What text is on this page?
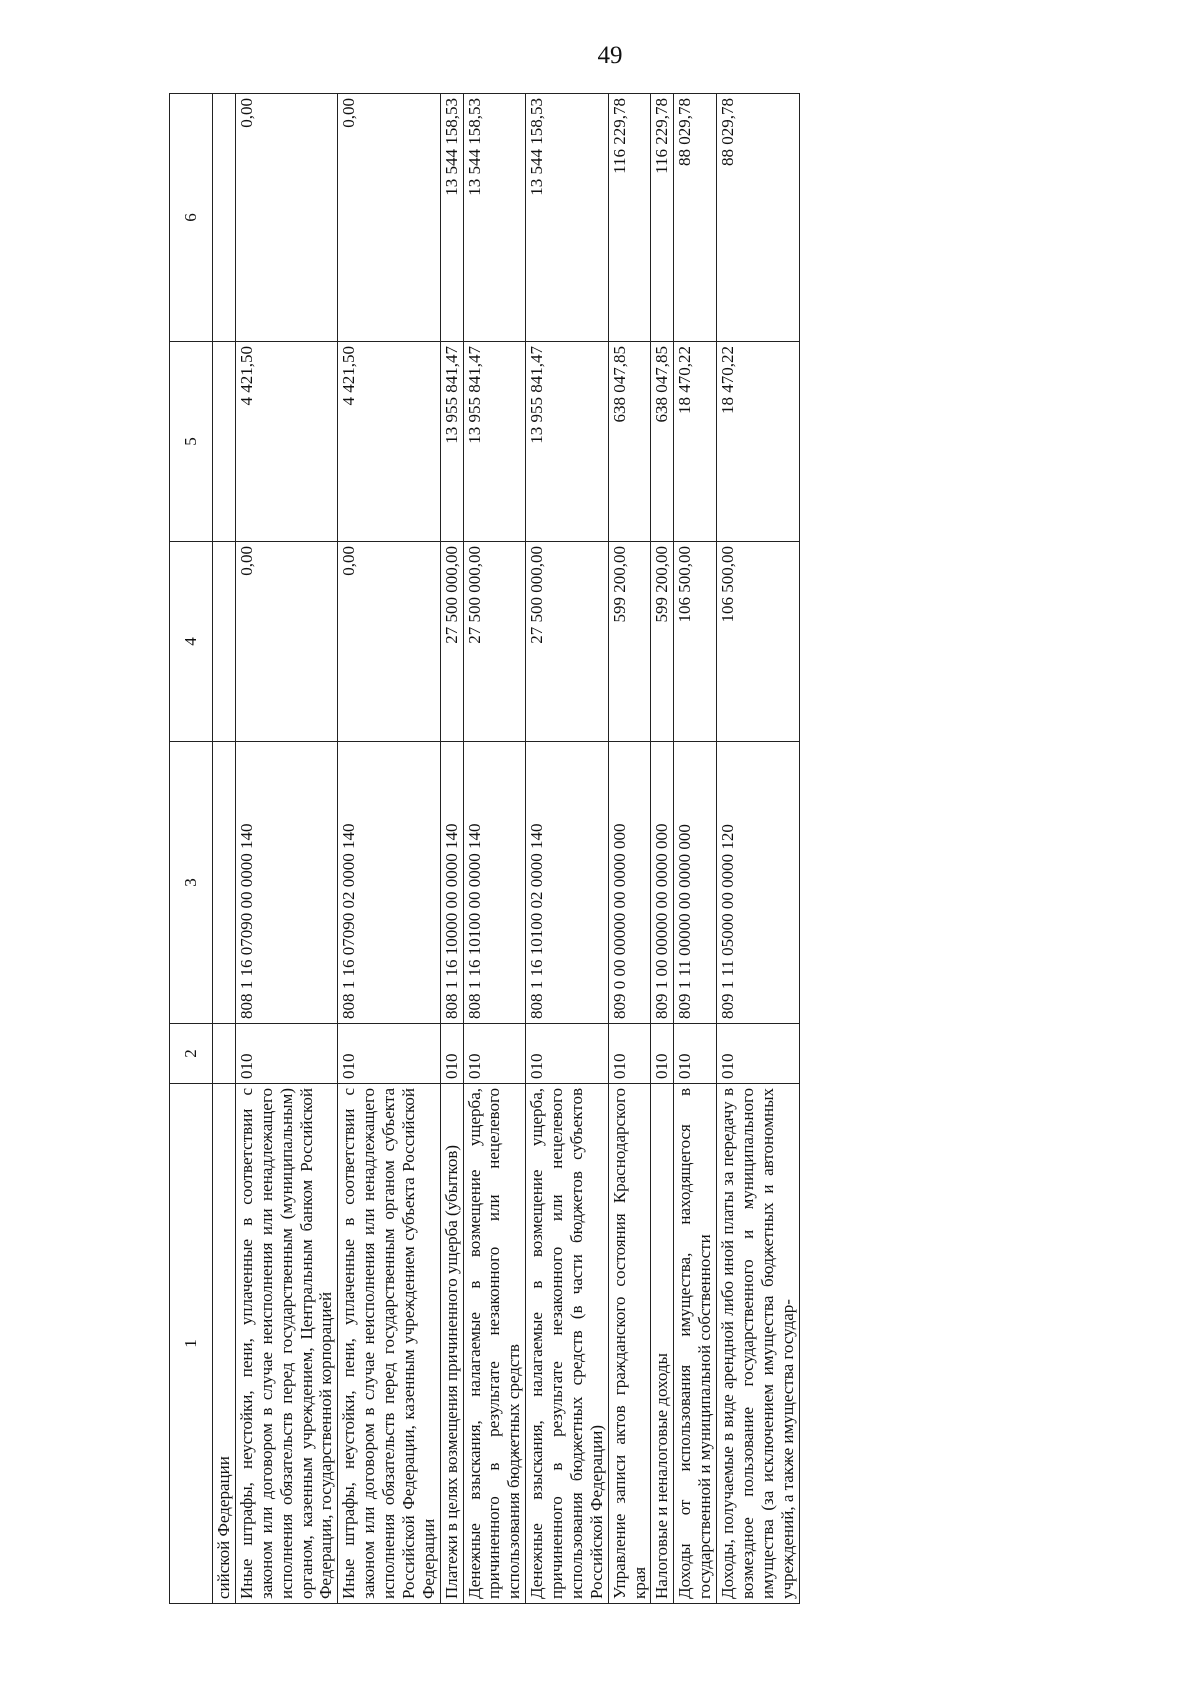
49
1	2	3	4	5	6
сийской Федерации					
Иные штрафы, неустойки, пени, уплаченные в соответствии с законом или договором в случае неисполнения или ненадлежащего исполнения обязательств перед государственным (муниципальным) органом, казенным учреждением, Центральным банком Российской Федерации, государственной корпорацией	010	808 1 16 07090 00 0000 140	0,00	4 421,50	0,00
Иные штрафы, неустойки, пени, уплаченные в соответствии с законом или договором в случае неисполнения или ненадлежащего исполнения обязательств перед государственным органом субъекта Российской Федерации, казенным учреждением субъекта Российской Федерации	010	808 1 16 07090 02 0000 140	0,00	4 421,50	0,00
Платежи в целях возмещения причиненного ущерба (убытков)	010	808 1 16 10000 00 0000 140	27 500 000,00	13 955 841,47	13 544 158,53
Денежные взыскания, налагаемые в возмещение ущерба, причиненного в результате незаконного или нецелевого использования бюджетных средств	010	808 1 16 10100 00 0000 140	27 500 000,00	13 955 841,47	13 544 158,53
Денежные взыскания, налагаемые в возмещение ущерба, причиненного в результате незаконного или нецелевого использования бюджетных средств (в части бюджетов субъектов Российской Федерации)	010	808 1 16 10100 02 0000 140	27 500 000,00	13 955 841,47	13 544 158,53
Управление записи актов гражданского состояния Краснодарского края	010	809 0 00 00000 00 0000 000	599 200,00	638 047,85	116 229,78
Налоговые и неналоговые доходы	010	809 1 00 00000 00 0000 000	599 200,00	638 047,85	116 229,78
Доходы от использования имущества, находящегося в государственной и муниципальной собственности	010	809 1 11 00000 00 0000 000	106 500,00	18 470,22	88 029,78
Доходы, получаемые в виде арендной либо иной платы за передачу в возмездное пользование государственного и муниципального имущества (за исключением имущества бюджетных и автономных учреждений, а также имущества государ-	010	809 1 11 05000 00 0000 120	106 500,00	18 470,22	88 029,78
